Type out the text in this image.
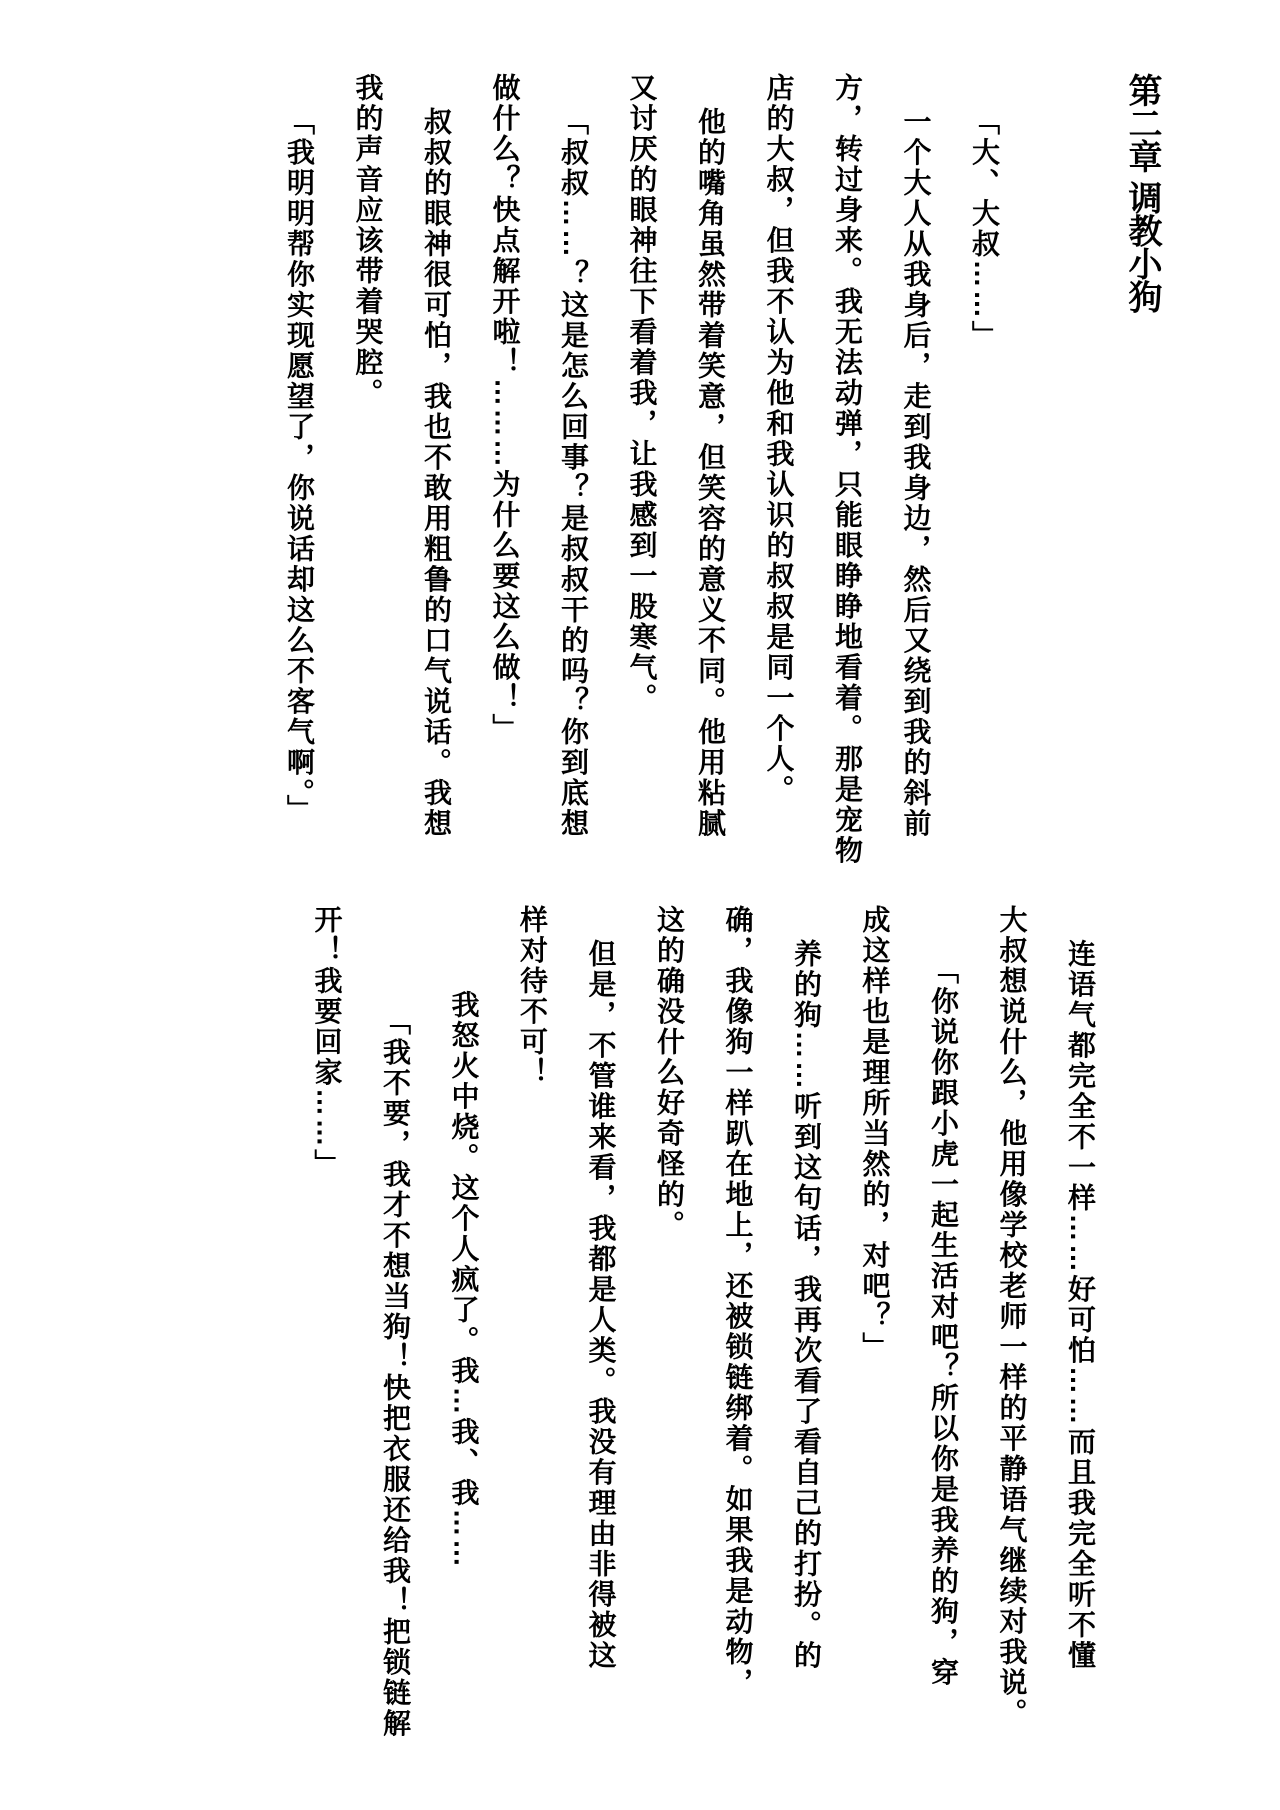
第二章 调教小狗
「大、大叔……」
一个大人从我身后，走到我身边，然后又绕到我的斜前
方，转过身来。我无法动弹，只能眼睁睁地看着。那是宠物
店的大叔，但我不认为他和我认识的叔叔是同一个人。
他的嘴角虽然带着笑意，但笑容的意义不同。他用粘腻
又讨厌的眼神往下看着我，让我感到一股寒气。
「叔叔……？这是怎么回事？是叔叔干的吗？你到底想
做什么？快点解开啦！………为什么要这么做！」
叔叔的眼神很可怕，我也不敢用粗鲁的口气说话。我想
我的声音应该带着哭腔。
「我明明帮你实现愿望了，你说话却这么不客气啊。」
连语气都完全不一样……好可怕……而且我完全听不懂
大叔想说什么，他用像学校老师一样的平静语气继续对我说。
「你说你跟小虎一起生活对吧？所以你是我养的狗，穿
成这样也是理所当然的，对吧？」
养的狗……听到这句话，我再次看了看自己的打扮。的
确，我像狗一样趴在地上，还被锁链绑着。如果我是动物，
这的确没什么好奇怪的。
但是，不管谁来看，我都是人类。我没有理由非得被这
样对待不可！
我怒火中烧。这个人疯了。我…我、我……
「我不要，我才不想当狗！快把衣服还给我！把锁链解
开！我要回家……」
